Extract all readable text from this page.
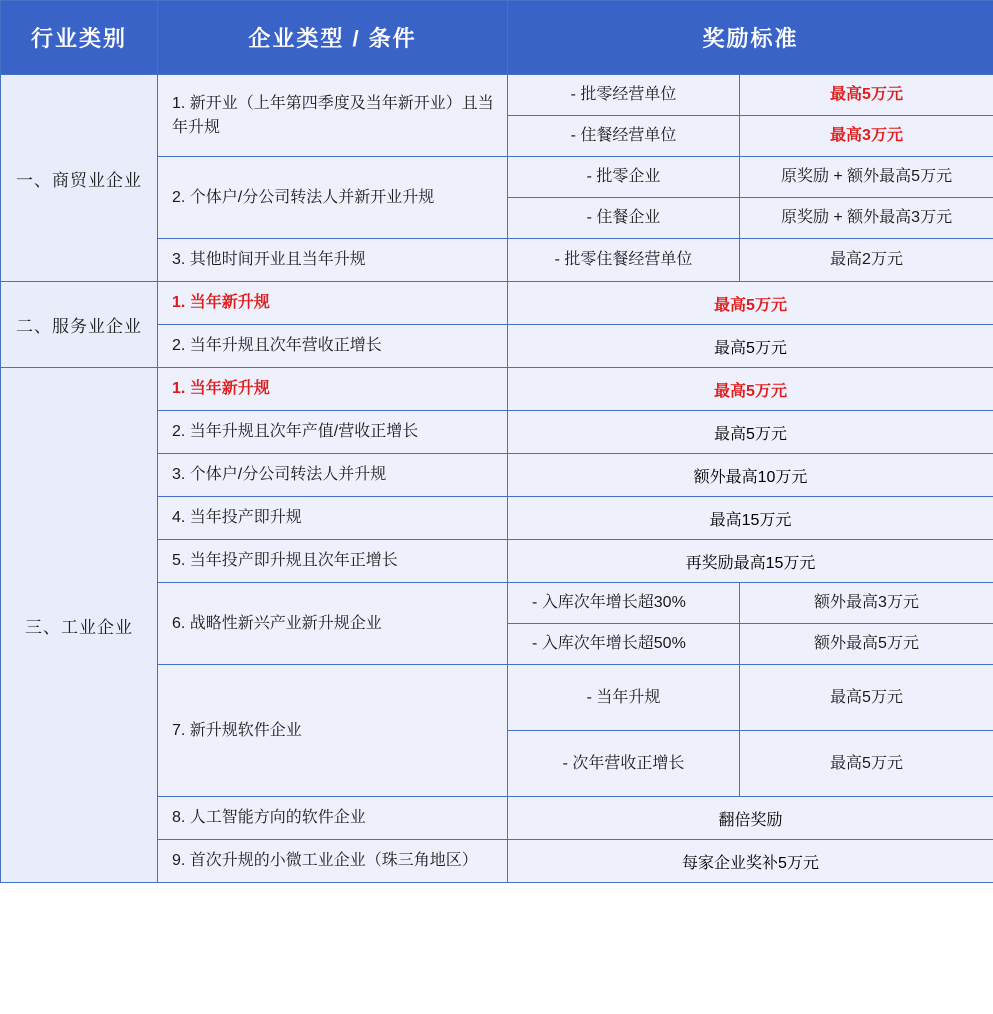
行业类别	企业类型 / 条件	奖励标准	
一、商贸业企业	1. 新开业（上年第四季度及当年新开业）且当年升规	- 批零经营单位	最高5万元
		- 住餐经营单位	最高3万元
	2. 个体户/分公司转法人并新开业升规	- 批零企业	原奖励 + 额外最高5万元
		- 住餐企业	原奖励 + 额外最高3万元
	3. 其他时间开业且当年升规	- 批零住餐经营单位	最高2万元
二、服务业企业	1. 当年新升规	最高5万元	
	2. 当年升规且次年营收正增长	最高5万元	
三、工业企业	1. 当年新升规	最高5万元	
	2. 当年升规且次年产值/营收正增长	最高5万元	
	3. 个体户/分公司转法人并升规	额外最高10万元	
	4. 当年投产即升规	最高15万元	
	5. 当年投产即升规且次年正增长	再奖励最高15万元	
	6. 战略性新兴产业新升规企业	- 入库次年增长超30%	额外最高3万元
		- 入库次年增长超50%	额外最高5万元
	7. 新升规软件企业	- 当年升规	最高5万元
		- 次年营收正增长	最高5万元
	8. 人工智能方向的软件企业	翻倍奖励	
	9. 首次升规的小微工业企业（珠三角地区）	每家企业奖补5万元	
